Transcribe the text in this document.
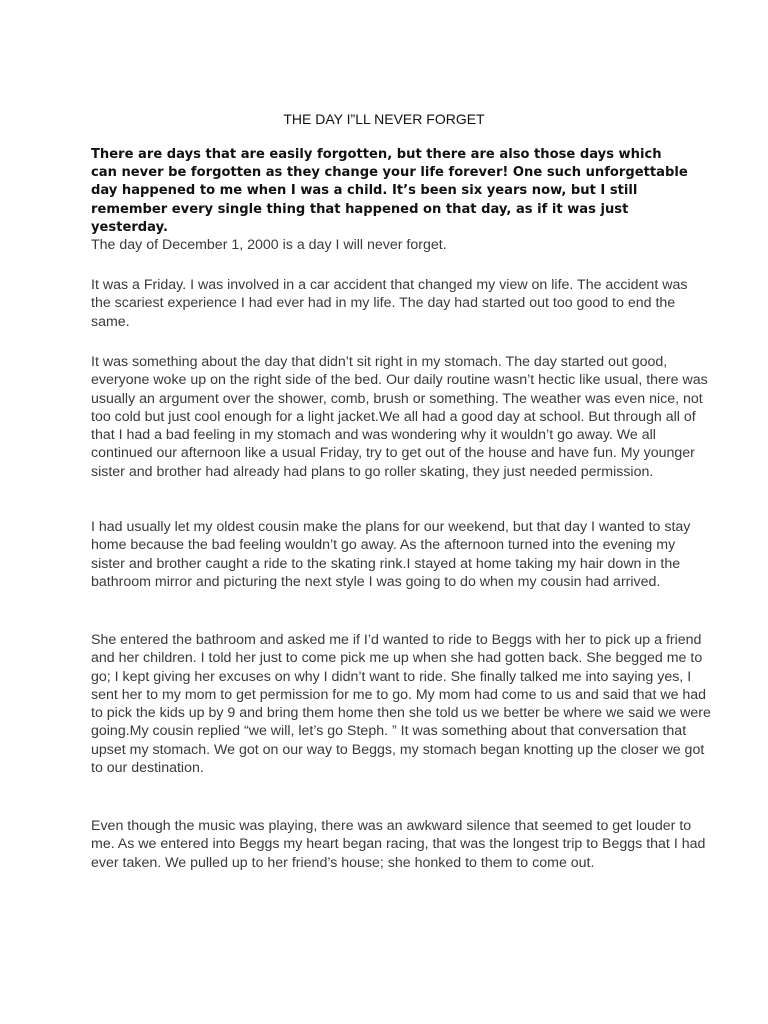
THE DAY I”LL NEVER FORGET

There are days that are easily forgotten, but there are also those days which can never be forgotten as they change your life forever! One such unforgettable day happened to me when I was a child. It’s been six years now, but I still remember every single thing that happened on that day, as if it was just yesterday.

The day of December 1, 2000 is a day I will never forget.

It was a Friday. I was involved in a car accident that changed my view on life. The accident was the scariest experience I had ever had in my life. The day had started out too good to end the same.

It was something about the day that didn’t sit right in my stomach. The day started out good, everyone woke up on the right side of the bed. Our daily routine wasn’t hectic like usual, there was usually an argument over the shower, comb, brush or something. The weather was even nice, not too cold but just cool enough for a light jacket.We all had a good day at school. But through all of that I had a bad feeling in my stomach and was wondering why it wouldn’t go away. We all continued our afternoon like a usual Friday, try to get out of the house and have fun. My younger sister and brother had already had plans to go roller skating, they just needed permission.

I had usually let my oldest cousin make the plans for our weekend, but that day I wanted to stay home because the bad feeling wouldn’t go away. As the afternoon turned into the evening my sister and brother caught a ride to the skating rink.I stayed at home taking my hair down in the bathroom mirror and picturing the next style I was going to do when my cousin had arrived.

She entered the bathroom and asked me if I’d wanted to ride to Beggs with her to pick up a friend and her children. I told her just to come pick me up when she had gotten back. She begged me to go; I kept giving her excuses on why I didn’t want to ride. She finally talked me into saying yes, I sent her to my mom to get permission for me to go. My mom had come to us and said that we had to pick the kids up by 9 and bring them home then she told us we better be where we said we were going.My cousin replied “we will, let’s go Steph. ” It was something about that conversation that upset my stomach. We got on our way to Beggs, my stomach began knotting up the closer we got to our destination.

Even though the music was playing, there was an awkward silence that seemed to get louder to me. As we entered into Beggs my heart began racing, that was the longest trip to Beggs that I had ever taken. We pulled up to her friend’s house; she honked to them to come out.
